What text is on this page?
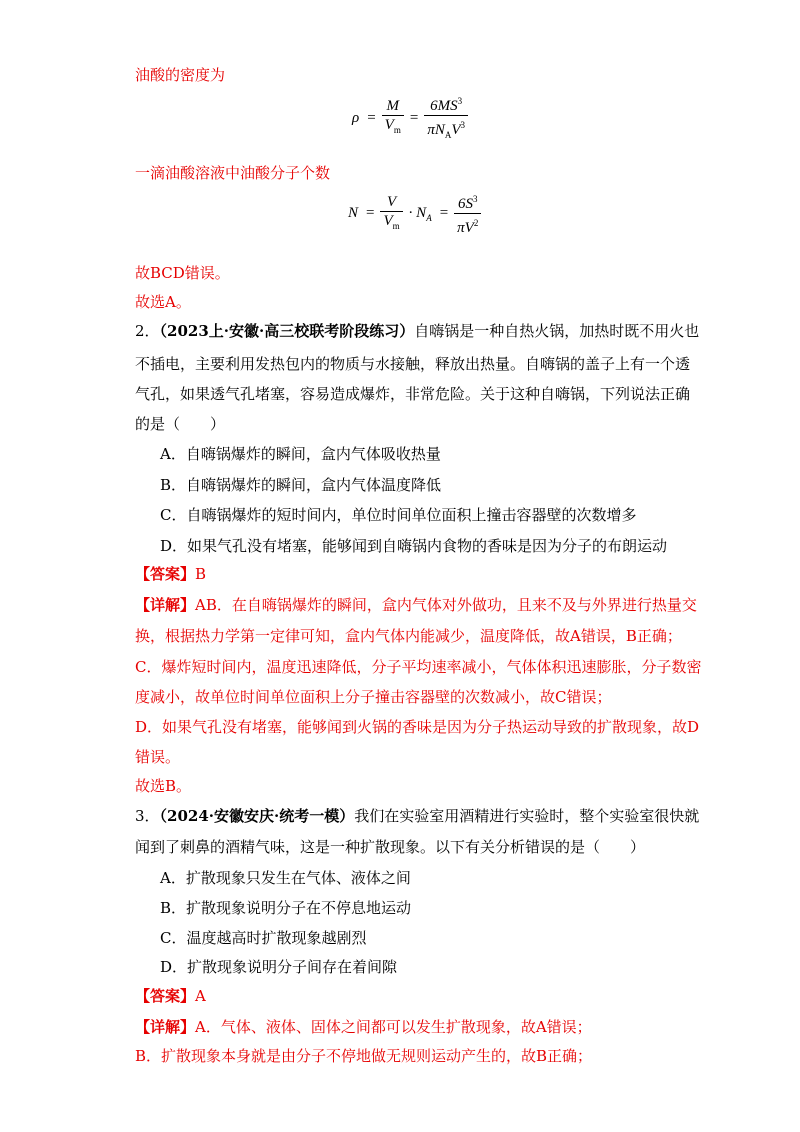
油酸的密度为
$\rho = \frac{M}{V_m} = \frac{6MS^3}{\pi N_AV^3}$
一滴油酸溶液中油酸分子个数
$N = \frac{V}{V_m} \cdot N_A = \frac{6S^3}{\pi V^2}$
故BCD错误。
故选A。
2．（2023上·安徽·高三校联考阶段练习）自嗨锅是一种自热火锅，加热时既不用火也
不插电，主要利用发热包内的物质与水接触，释放出热量。自嗨锅的盖子上有一个透
气孔，如果透气孔堵塞，容易造成爆炸，非常危险。关于这种自嗨锅，下列说法正确
的是（　　）
A．自嗨锅爆炸的瞬间，盒内气体吸收热量
B．自嗨锅爆炸的瞬间，盒内气体温度降低
C．自嗨锅爆炸的短时间内，单位时间单位面积上撞击容器壁的次数增多
D．如果气孔没有堵塞，能够闻到自嗨锅内食物的香味是因为分子的布朗运动
【答案】B
【详解】AB．在自嗨锅爆炸的瞬间，盒内气体对外做功，且来不及与外界进行热量交
换，根据热力学第一定律可知，盒内气体内能减少，温度降低，故A错误，B正确；
C．爆炸短时间内，温度迅速降低，分子平均速率减小，气体体积迅速膨胀，分子数密
度减小，故单位时间单位面积上分子撞击容器壁的次数减小，故C错误；
D．如果气孔没有堵塞，能够闻到火锅的香味是因为分子热运动导致的扩散现象，故D
错误。
故选B。
3．（2024·安徽安庆·统考一模）我们在实验室用酒精进行实验时，整个实验室很快就
闻到了刺鼻的酒精气味，这是一种扩散现象。以下有关分析错误的是（　　）
A．扩散现象只发生在气体、液体之间
B．扩散现象说明分子在不停息地运动
C．温度越高时扩散现象越剧烈
D．扩散现象说明分子间存在着间隙
【答案】A
【详解】A．气体、液体、固体之间都可以发生扩散现象，故A错误；
B．扩散现象本身就是由分子不停地做无规则运动产生的，故B正确；
